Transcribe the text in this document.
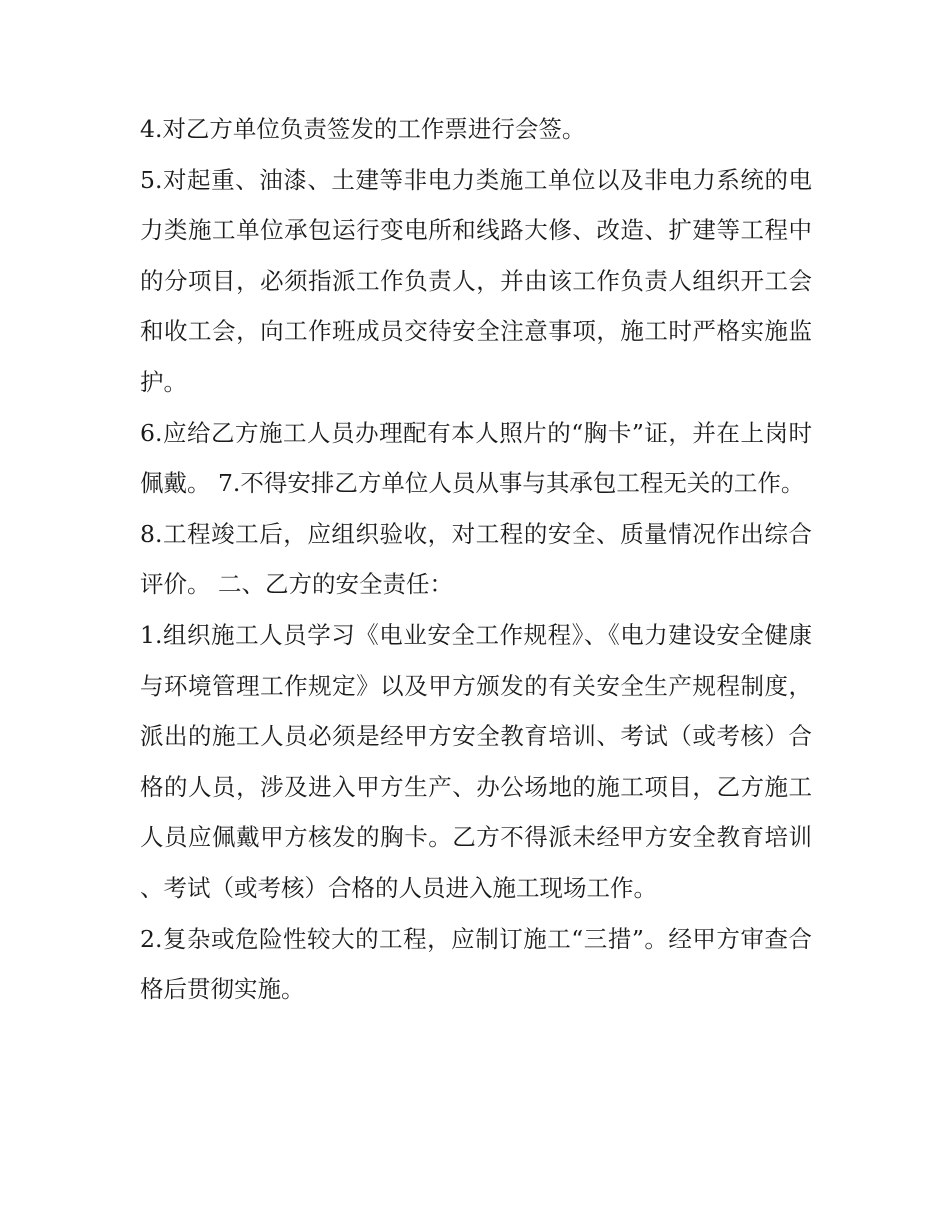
4.对乙方单位负责签发的工作票进行会签。

5.对起重、油漆、土建等非电力类施工单位以及非电力系统的电力类施工单位承包运行变电所和线路大修、改造、扩建等工程中的分项目，必须指派工作负责人，并由该工作负责人组织开工会和收工会，向工作班成员交待安全注意事项，施工时严格实施监护。

6.应给乙方施工人员办理配有本人照片的“胸卡”证，并在上岗时佩戴。 7.不得安排乙方单位人员从事与其承包工程无关的工作。

8.工程竣工后，应组织验收，对工程的安全、质量情况作出综合评价。 二、乙方的安全责任：

1.组织施工人员学习《电业安全工作规程》、《电力建设安全健康与环境管理工作规定》以及甲方颁发的有关安全生产规程制度，派出的施工人员必须是经甲方安全教育培训、考试（或考核）合格的人员，涉及进入甲方生产、办公场地的施工项目，乙方施工人员应佩戴甲方核发的胸卡。乙方不得派未经甲方安全教育培训、考试（或考核）合格的人员进入施工现场工作。

2.复杂或危险性较大的工程，应制订施工“三措”。经甲方审查合格后贯彻实施。
